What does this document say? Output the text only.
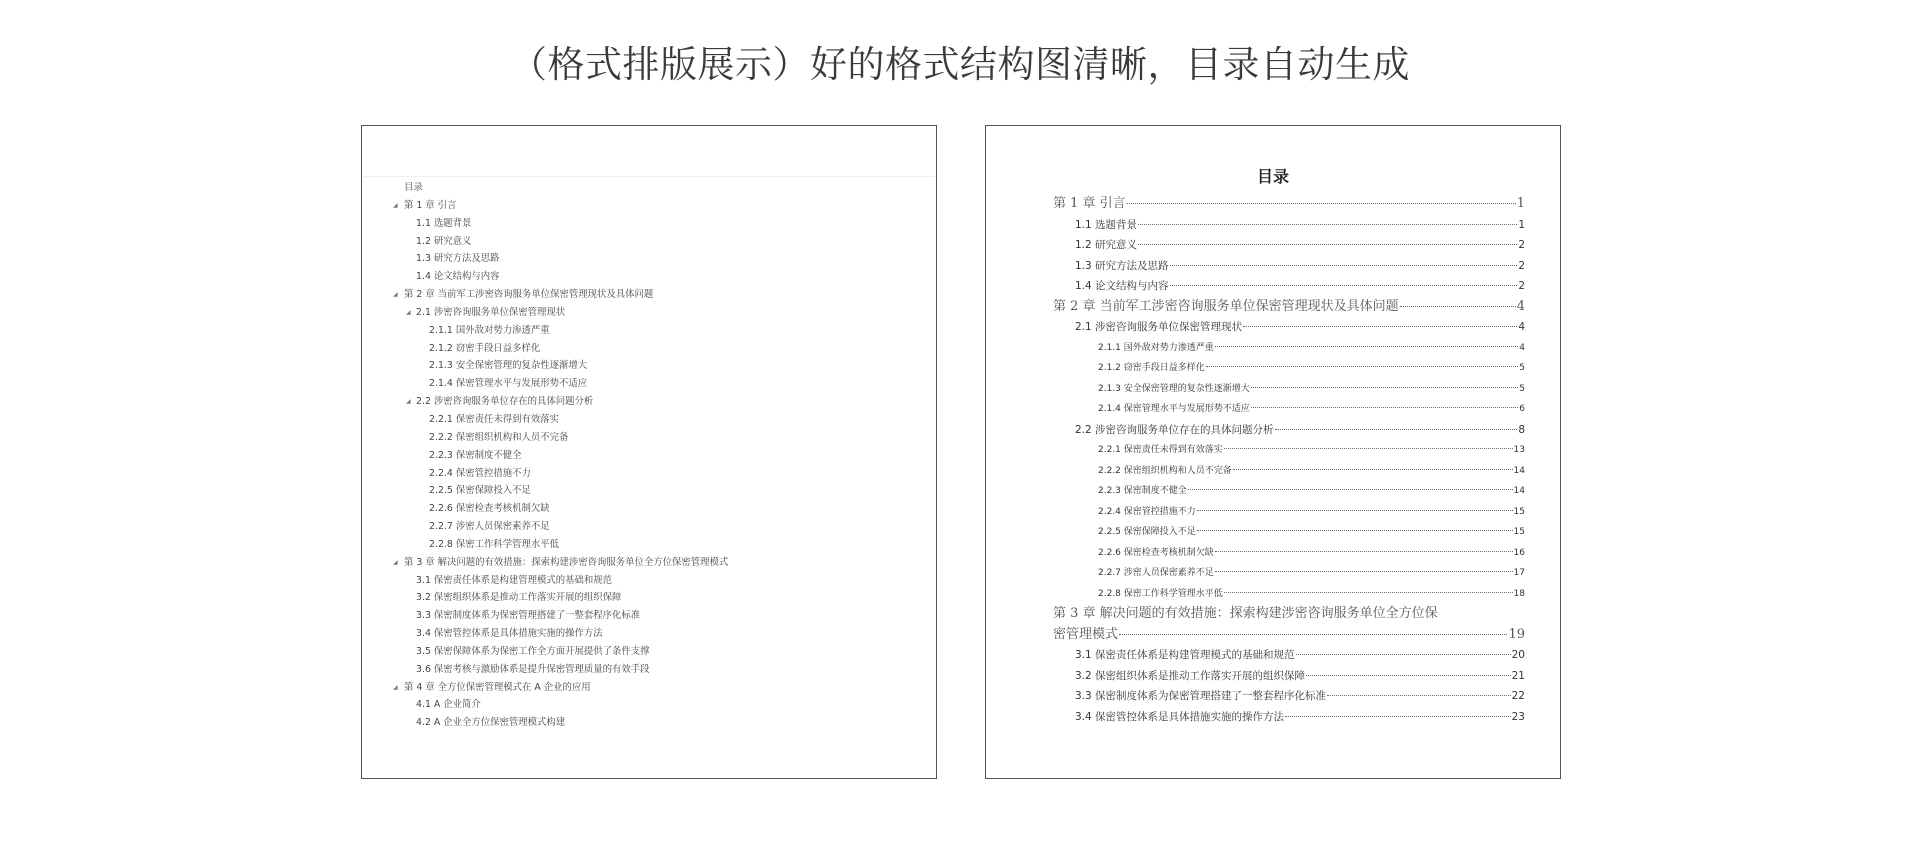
（格式排版展示）好的格式结构图清晰，目录自动生成
目录
◢ 第 1 章 引言
1.1 选题背景
1.2 研究意义
1.3 研究方法及思路
1.4 论文结构与内容
◢ 第 2 章 当前军工涉密咨询服务单位保密管理现状及具体问题
◢ 2.1 涉密咨询服务单位保密管理现状
2.1.1 国外敌对势力渗透严重
2.1.2 窃密手段日益多样化
2.1.3 安全保密管理的复杂性逐渐增大
2.1.4 保密管理水平与发展形势不适应
◢ 2.2 涉密咨询服务单位存在的具体问题分析
2.2.1 保密责任未得到有效落实
2.2.2 保密组织机构和人员不完备
2.2.3 保密制度不健全
2.2.4 保密管控措施不力
2.2.5 保密保障投入不足
2.2.6 保密检查考核机制欠缺
2.2.7 涉密人员保密素养不足
2.2.8 保密工作科学管理水平低
◢ 第 3 章 解决问题的有效措施：探索构建涉密咨询服务单位全方位保密管理模式
3.1 保密责任体系是构建管理模式的基础和规范
3.2 保密组织体系是推动工作落实开展的组织保障
3.3 保密制度体系为保密管理搭建了一整套程序化标准
3.4 保密管控体系是具体措施实施的操作方法
3.5 保密保障体系为保密工作全方面开展提供了条件支撑
3.6 保密考核与激励体系是提升保密管理质量的有效手段
◢ 第 4 章 全方位保密管理模式在 A 企业的应用
4.1 A 企业简介
4.2 A 企业全方位保密管理模式构建
目录
第 1 章 引言	1
1.1 选题背景	1
1.2 研究意义	2
1.3 研究方法及思路	2
1.4 论文结构与内容	2
第 2 章 当前军工涉密咨询服务单位保密管理现状及具体问题	4
2.1 涉密咨询服务单位保密管理现状	4
2.1.1 国外敌对势力渗透严重	4
2.1.2 窃密手段日益多样化	5
2.1.3 安全保密管理的复杂性逐渐增大	5
2.1.4 保密管理水平与发展形势不适应	6
2.2 涉密咨询服务单位存在的具体问题分析	8
2.2.1 保密责任未得到有效落实	13
2.2.2 保密组织机构和人员不完备	14
2.2.3 保密制度不健全	14
2.2.4 保密管控措施不力	15
2.2.5 保密保障投入不足	15
2.2.6 保密检查考核机制欠缺	16
2.2.7 涉密人员保密素养不足	17
2.2.8 保密工作科学管理水平低	18
第 3 章 解决问题的有效措施：探索构建涉密咨询服务单位全方位保
密管理模式	19
3.1 保密责任体系是构建管理模式的基础和规范	20
3.2 保密组织体系是推动工作落实开展的组织保障	21
3.3 保密制度体系为保密管理搭建了一整套程序化标准	22
3.4 保密管控体系是具体措施实施的操作方法	23
